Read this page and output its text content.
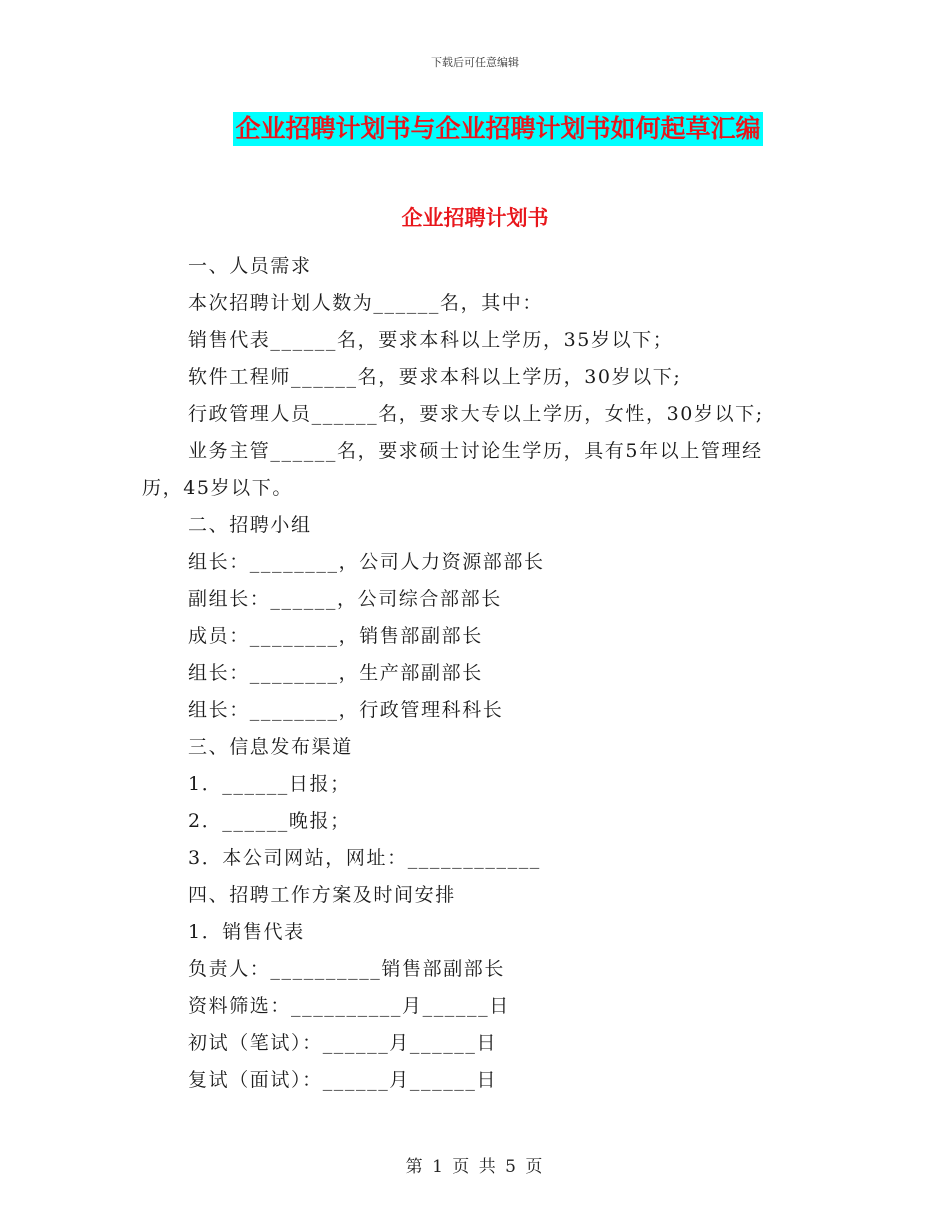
下载后可任意编辑
企业招聘计划书与企业招聘计划书如何起草汇编
企业招聘计划书
一、人员需求
本次招聘计划人数为______名，其中：
销售代表______名，要求本科以上学历，35岁以下；
软件工程师______名，要求本科以上学历，30岁以下;
行政管理人员______名，要求大专以上学历，女性，30岁以下;
业务主管______名，要求硕士讨论生学历，具有5年以上管理经
历，45岁以下。
二、招聘小组
组长：________，公司人力资源部部长
副组长：______，公司综合部部长
成员：________，销售部副部长
组长：________，生产部副部长
组长：________，行政管理科科长
三、信息发布渠道
1．______日报；
2．______晚报；
3．本公司网站，网址：____________
四、招聘工作方案及时间安排
1．销售代表
负责人：__________销售部副部长
资料筛选：__________月______日
初试（笔试）：______月______日
复试（面试）：______月______日
第 1 页 共 5 页
